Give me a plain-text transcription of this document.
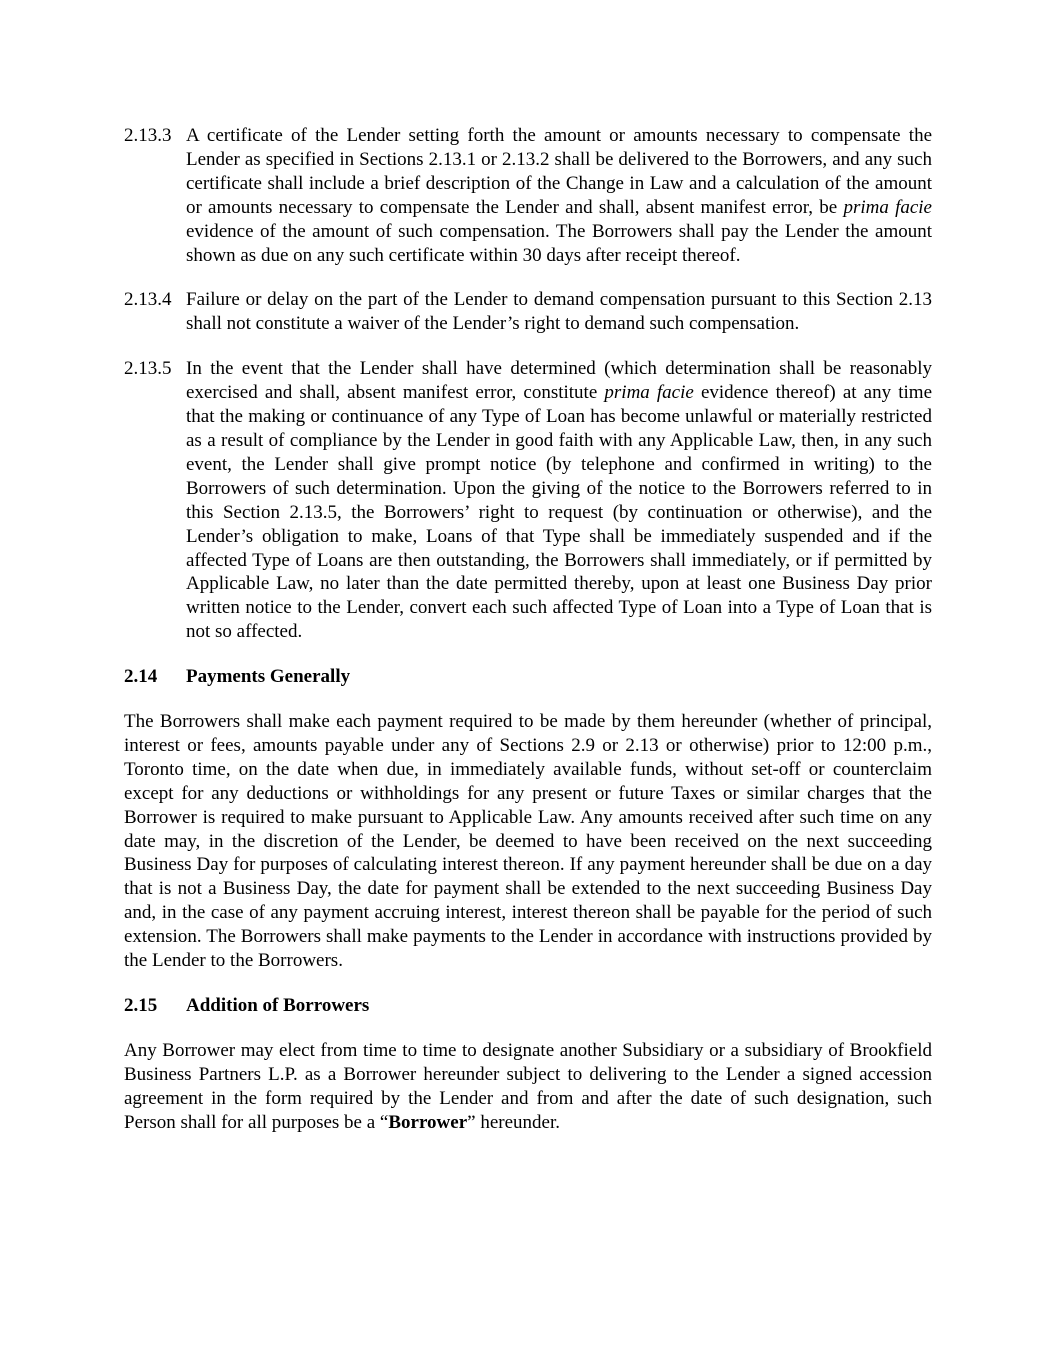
2.13.3 A certificate of the Lender setting forth the amount or amounts necessary to compensate the Lender as specified in Sections 2.13.1 or 2.13.2 shall be delivered to the Borrowers, and any such certificate shall include a brief description of the Change in Law and a calculation of the amount or amounts necessary to compensate the Lender and shall, absent manifest error, be prima facie evidence of the amount of such compensation. The Borrowers shall pay the Lender the amount shown as due on any such certificate within 30 days after receipt thereof.
2.13.4 Failure or delay on the part of the Lender to demand compensation pursuant to this Section 2.13 shall not constitute a waiver of the Lender’s right to demand such compensation.
2.13.5 In the event that the Lender shall have determined (which determination shall be reasonably exercised and shall, absent manifest error, constitute prima facie evidence thereof) at any time that the making or continuance of any Type of Loan has become unlawful or materially restricted as a result of compliance by the Lender in good faith with any Applicable Law, then, in any such event, the Lender shall give prompt notice (by telephone and confirmed in writing) to the Borrowers of such determination. Upon the giving of the notice to the Borrowers referred to in this Section 2.13.5, the Borrowers’ right to request (by continuation or otherwise), and the Lender’s obligation to make, Loans of that Type shall be immediately suspended and if the affected Type of Loans are then outstanding, the Borrowers shall immediately, or if permitted by Applicable Law, no later than the date permitted thereby, upon at least one Business Day prior written notice to the Lender, convert each such affected Type of Loan into a Type of Loan that is not so affected.
2.14	Payments Generally
The Borrowers shall make each payment required to be made by them hereunder (whether of principal, interest or fees, amounts payable under any of Sections 2.9 or 2.13 or otherwise) prior to 12:00 p.m., Toronto time, on the date when due, in immediately available funds, without set-off or counterclaim except for any deductions or withholdings for any present or future Taxes or similar charges that the Borrower is required to make pursuant to Applicable Law. Any amounts received after such time on any date may, in the discretion of the Lender, be deemed to have been received on the next succeeding Business Day for purposes of calculating interest thereon. If any payment hereunder shall be due on a day that is not a Business Day, the date for payment shall be extended to the next succeeding Business Day and, in the case of any payment accruing interest, interest thereon shall be payable for the period of such extension. The Borrowers shall make payments to the Lender in accordance with instructions provided by the Lender to the Borrowers.
2.15	Addition of Borrowers
Any Borrower may elect from time to time to designate another Subsidiary or a subsidiary of Brookfield Business Partners L.P. as a Borrower hereunder subject to delivering to the Lender a signed accession agreement in the form required by the Lender and from and after the date of such designation, such Person shall for all purposes be a “Borrower” hereunder.
